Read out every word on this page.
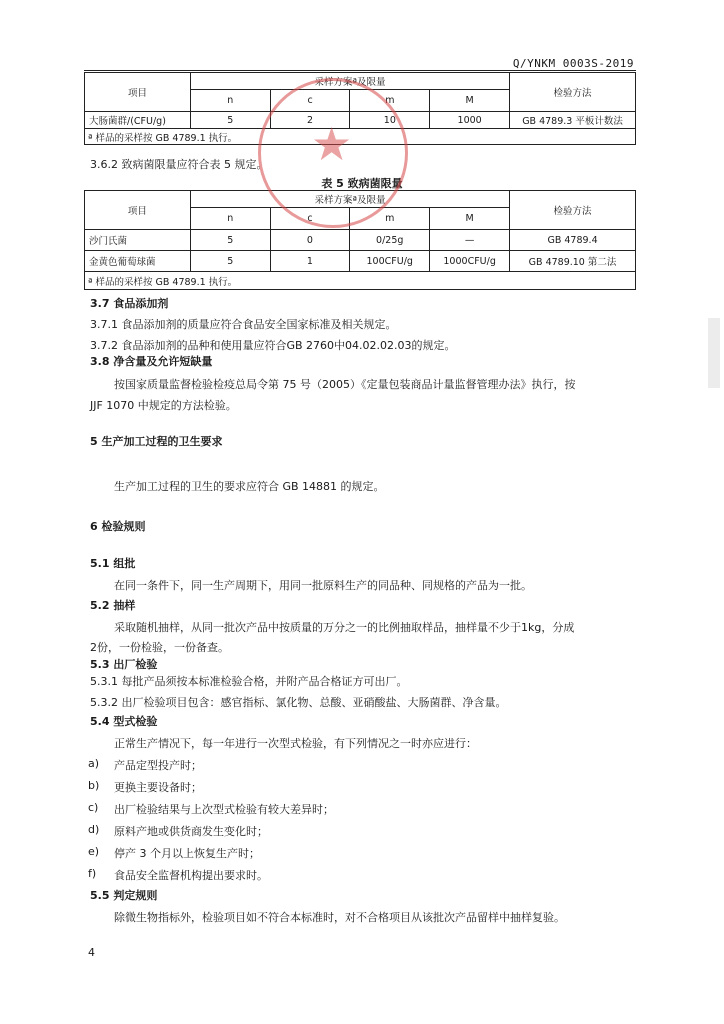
Q/YNKM 0003S-2019
项目	采样方案ª及限量				检验方法
	n	c	m	M	
大肠菌群/(CFU/g)	5	2	10	1000	GB 4789.3 平板计数法
ª 样品的采样按 GB 4789.1 执行。					
3.6.2 致病菌限量应符合表 5 规定。
表 5 致病菌限量
项目	采样方案ª及限量				检验方法
	n	c	m	M	
沙门氏菌	5	0	0/25g	—	GB 4789.4
金黄色葡萄球菌	5	1	100CFU/g	1000CFU/g	GB 4789.10 第二法
ª 样品的采样按 GB 4789.1 执行。					
3.7 食品添加剂
3.7.1 食品添加剂的质量应符合食品安全国家标准及相关规定。
3.7.2 食品添加剂的品种和使用量应符合GB 2760中04.02.02.03的规定。
3.8 净含量及允许短缺量
按国家质量监督检验检疫总局令第 75 号（2005）《定量包装商品计量监督管理办法》执行，按
JJF 1070 中规定的方法检验。
5 生产加工过程的卫生要求
生产加工过程的卫生的要求应符合 GB 14881 的规定。
6 检验规则
5.1 组批
在同一条件下，同一生产周期下，用同一批原料生产的同品种、同规格的产品为一批。
5.2 抽样
采取随机抽样，从同一批次产品中按质量的万分之一的比例抽取样品，抽样量不少于1kg，分成
2份，一份检验，一份备查。
5.3 出厂检验
5.3.1 每批产品须按本标准检验合格，并附产品合格证方可出厂。
5.3.2 出厂检验项目包含：感官指标、氯化物、总酸、亚硝酸盐、大肠菌群、净含量。
5.4 型式检验
正常生产情况下，每一年进行一次型式检验，有下列情况之一时亦应进行：
a) 产品定型投产时；
b) 更换主要设备时；
c) 出厂检验结果与上次型式检验有较大差异时；
d) 原料产地或供货商发生变化时；
e) 停产 3 个月以上恢复生产时；
f) 食品安全监督机构提出要求时。
5.5 判定规则
除微生物指标外，检验项目如不符合本标准时，对不合格项目从该批次产品留样中抽样复验。
4
★
